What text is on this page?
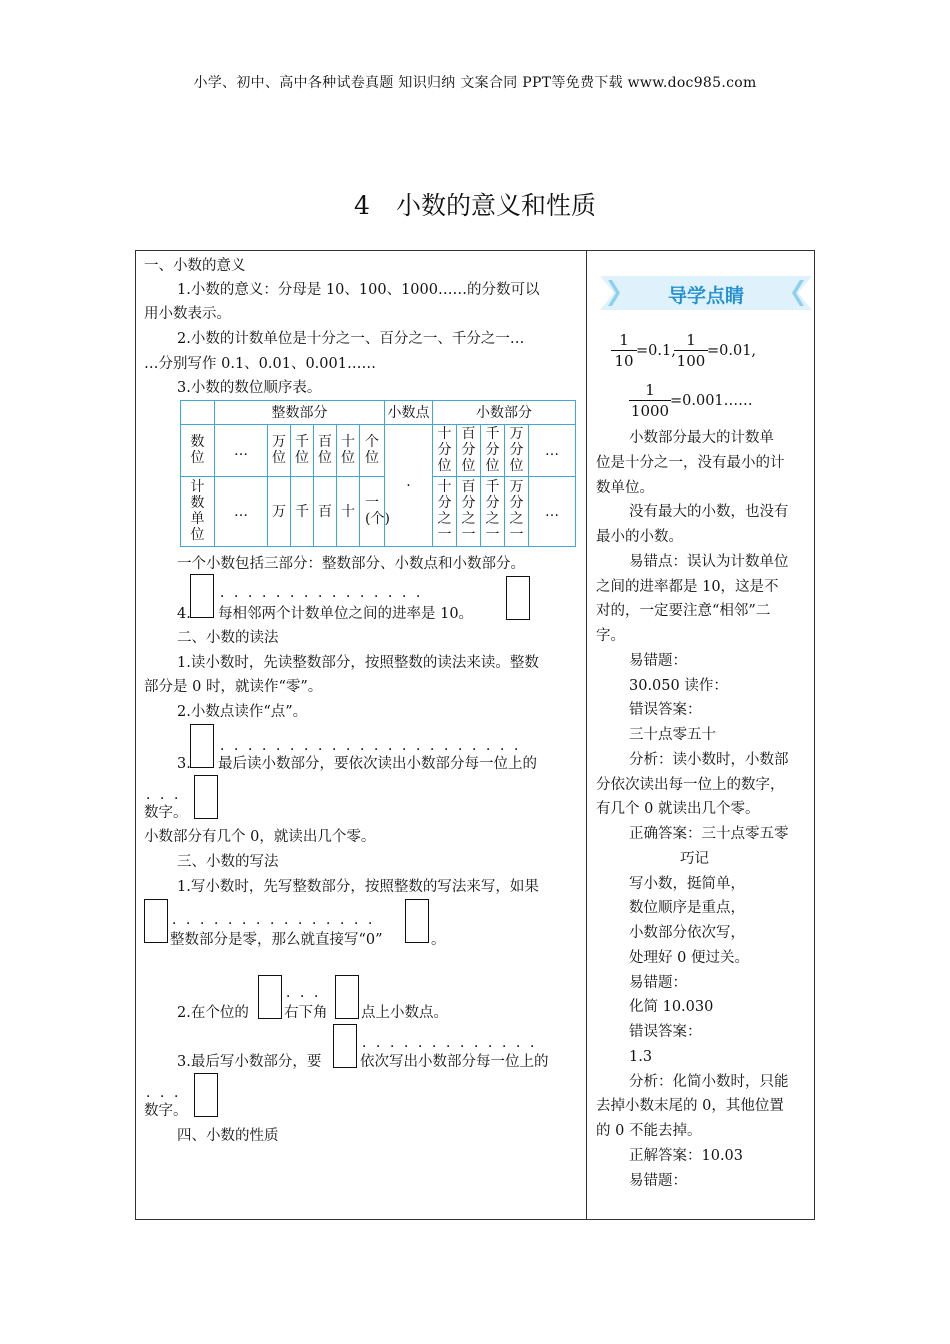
小学、初中、高中各种试卷真题 知识归纳 文案合同 PPT等免费下载 www.doc985.com
4 小数的意义和性质
一、小数的意义
1.小数的意义：分母是 10、100、1000……的分数可以
用小数表示。
2.小数的计数单位是十分之一、百分之一、千分之一…
…分别写作 0.1、0.01、0.001……
3.小数的数位顺序表。
	整数部分						小数点	小数部分				
数位	…	万位	千位	百位	十位	个位	·	十分位	百分位	千分位	万分位	…
计数单位	…	万	千	百	十	一(个)		十分之一	百分之一	千分之一	万分之一	…
一个小数包括三部分：整数部分、小数点和小数部分。
．．．．．．．．．．．．．．．
4. 每相邻两个计数单位之间的进率是 10。
二、小数的读法
1.读小数时，先读整数部分，按照整数的读法来读。整数
部分是 0 时，就读作“零”。
2.小数点读作“点”。
．．．．．．．．．．．．．．．．．．．．．．
3. 最后读小数部分，要依次读出小数部分每一位上的
．．．
数字。
小数部分有几个 0，就读出几个零。
三、小数的写法
1.写小数时，先写整数部分，按照整数的写法来写，如果
．．．．．．．．．．．．．．．
整数部分是零，那么就直接写“0”	。
2.在个位的
．．．
右下角 点上小数点。
3.最后写小数部分，要
．．．．．．．．．．．．．
依次写出小数部分每一位上的
．．．
数字。
四、小数的性质
导学点睛
$\frac{1}{10} =0.1$,
$\frac{1}{100} =0.01$,
$\frac{1}{1000}$ =0.001……
小数部分最大的计数单
位是十分之一，没有最小的计
数单位。
没有最大的小数，也没有
最小的小数。
易错点：误认为计数单位
之间的进率都是 10，这是不
对的，一定要注意“相邻”二
字。
易错题：
30.050 读作：
错误答案：
三十点零五十
分析：读小数时，小数部
分依次读出每一位上的数字，
有几个 0 就读出几个零。
正确答案：三十点零五零
巧记
写小数，挺简单，
数位顺序是重点，
小数部分依次写，
处理好 0 便过关。
易错题：
化简 10.030
错误答案：
1.3
分析：化简小数时，只能
去掉小数末尾的 0，其他位置
的 0 不能去掉。
正解答案：10.03
易错题：
